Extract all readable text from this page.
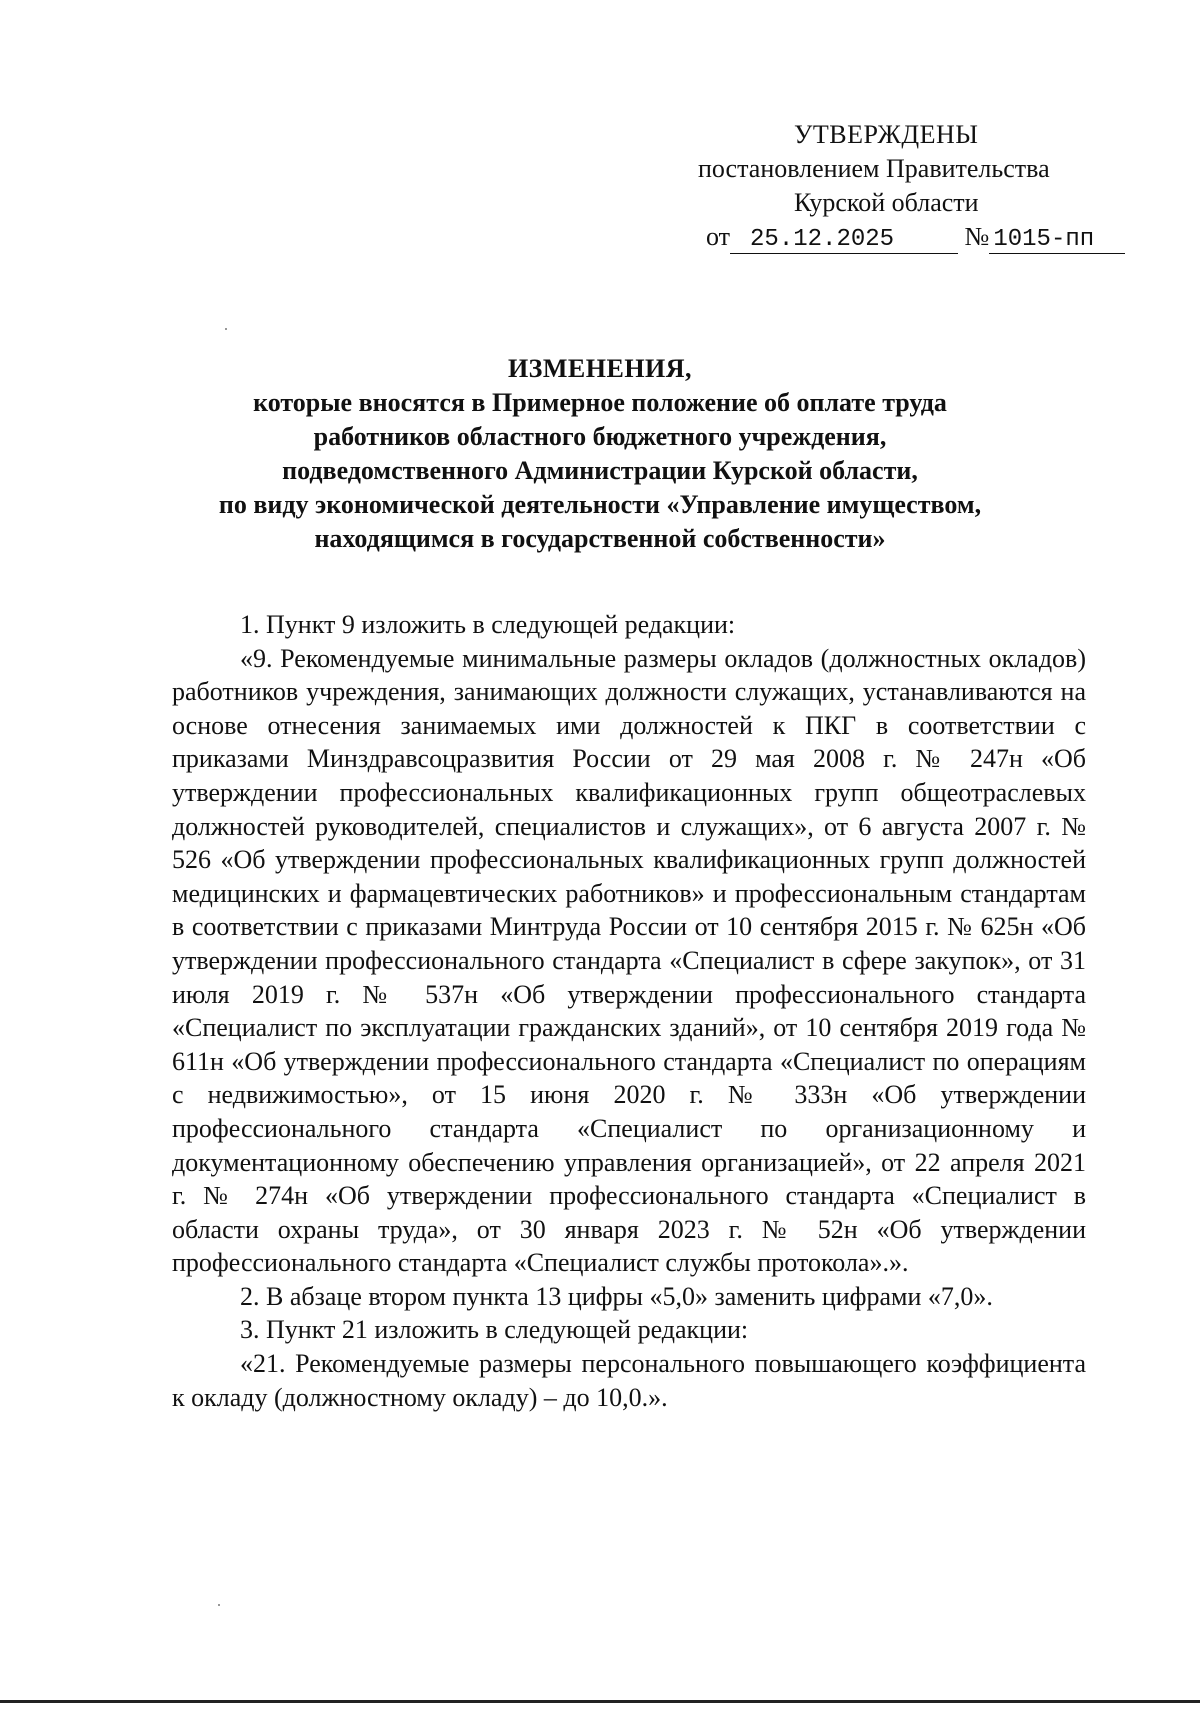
УТВЕРЖДЕНЫ
постановлением Правительства
Курской области
от 25.12.2025	№ 1015-пп
ИЗМЕНЕНИЯ,
которые вносятся в Примерное положение об оплате труда
работников областного бюджетного учреждения,
подведомственного Администрации Курской области,
по виду экономической деятельности «Управление имуществом,
находящимся в государственной собственности»

1. Пункт 9 изложить в следующей редакции:

«9. Рекомендуемые минимальные размеры окладов (должностных окладов) работников учреждения, занимающих должности служащих, устанавливаются на основе отнесения занимаемых ими должностей к ПКГ в соответствии с приказами Минздравсоцразвития России от 29 мая 2008 г. № 247н «Об утверждении профессиональных квалификационных групп общеотраслевых должностей руководителей, специалистов и служащих», от 6 августа 2007 г. № 526 «Об утверждении профессиональных квалификационных групп должностей медицинских и фармацевтических работников» и профессиональным стандартам в соответствии с приказами Минтруда России от 10 сентября 2015 г. № 625н «Об утверждении профессионального стандарта «Специалист в сфере закупок», от 31 июля 2019 г. № 537н «Об утверждении профессионального стандарта «Специалист по эксплуатации гражданских зданий», от 10 сентября 2019 года № 611н «Об утверждении профессионального стандарта «Специалист по операциям с недвижимостью», от 15 июня 2020 г. № 333н «Об утверждении профессионального стандарта «Специалист по организационному и документационному обеспечению управления организацией», от 22 апреля 2021 г. № 274н «Об утверждении профессионального стандарта «Специалист в области охраны труда», от 30 января 2023 г. № 52н «Об утверждении профессионального стандарта «Специалист службы протокола».».

2. В абзаце втором пункта 13 цифры «5,0» заменить цифрами «7,0».

3. Пункт 21 изложить в следующей редакции:

«21. Рекомендуемые размеры персонального повышающего коэффициента к окладу (должностному окладу) – до 10,0.».
